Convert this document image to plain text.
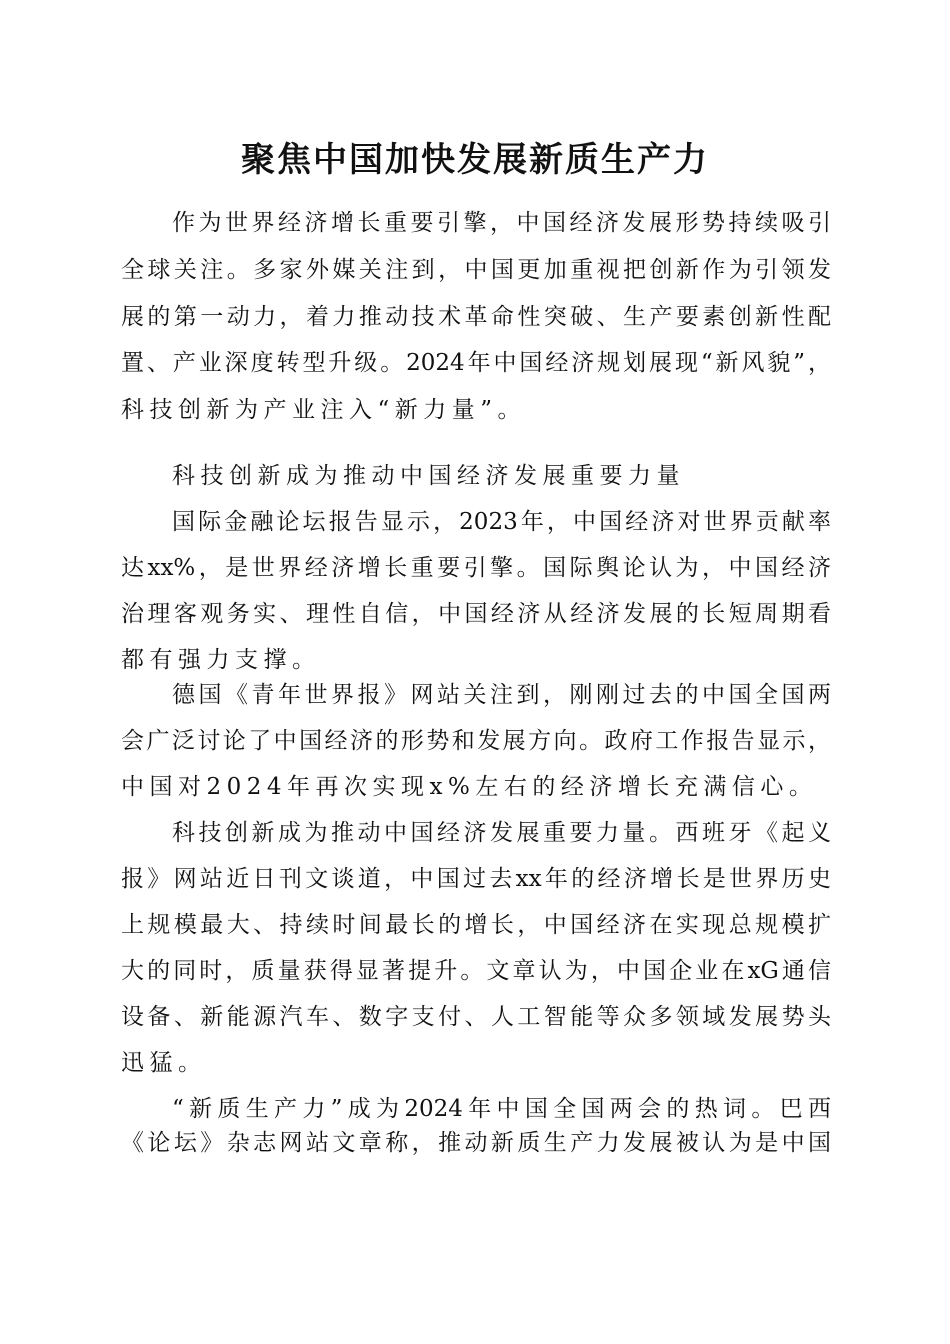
聚焦中国加快发展新质生产力
作为世界经济增长重要引擎，中国经济发展形势持续吸引
全球关注。多家外媒关注到，中国更加重视把创新作为引领发
展的第一动力，着力推动技术革命性突破、生产要素创新性配
置、产业深度转型升级。2024年中国经济规划展现“新风貌”，
科技创新为产业注入“新力量”。
科技创新成为推动中国经济发展重要力量
国际金融论坛报告显示，2023年，中国经济对世界贡献率
达xx%，是世界经济增长重要引擎。国际舆论认为，中国经济
治理客观务实、理性自信，中国经济从经济发展的长短周期看
都有强力支撑。
德国《青年世界报》网站关注到，刚刚过去的中国全国两
会广泛讨论了中国经济的形势和发展方向。政府工作报告显示，
中国对2024年再次实现x%左右的经济增长充满信心。
科技创新成为推动中国经济发展重要力量。西班牙《起义
报》网站近日刊文谈道，中国过去xx年的经济增长是世界历史
上规模最大、持续时间最长的增长，中国经济在实现总规模扩
大的同时，质量获得显著提升。文章认为，中国企业在xG通信
设备、新能源汽车、数字支付、人工智能等众多领域发展势头
迅猛。
“新质生产力”成为2024年中国全国两会的热词。巴西
《论坛》杂志网站文章称，推动新质生产力发展被认为是中国
